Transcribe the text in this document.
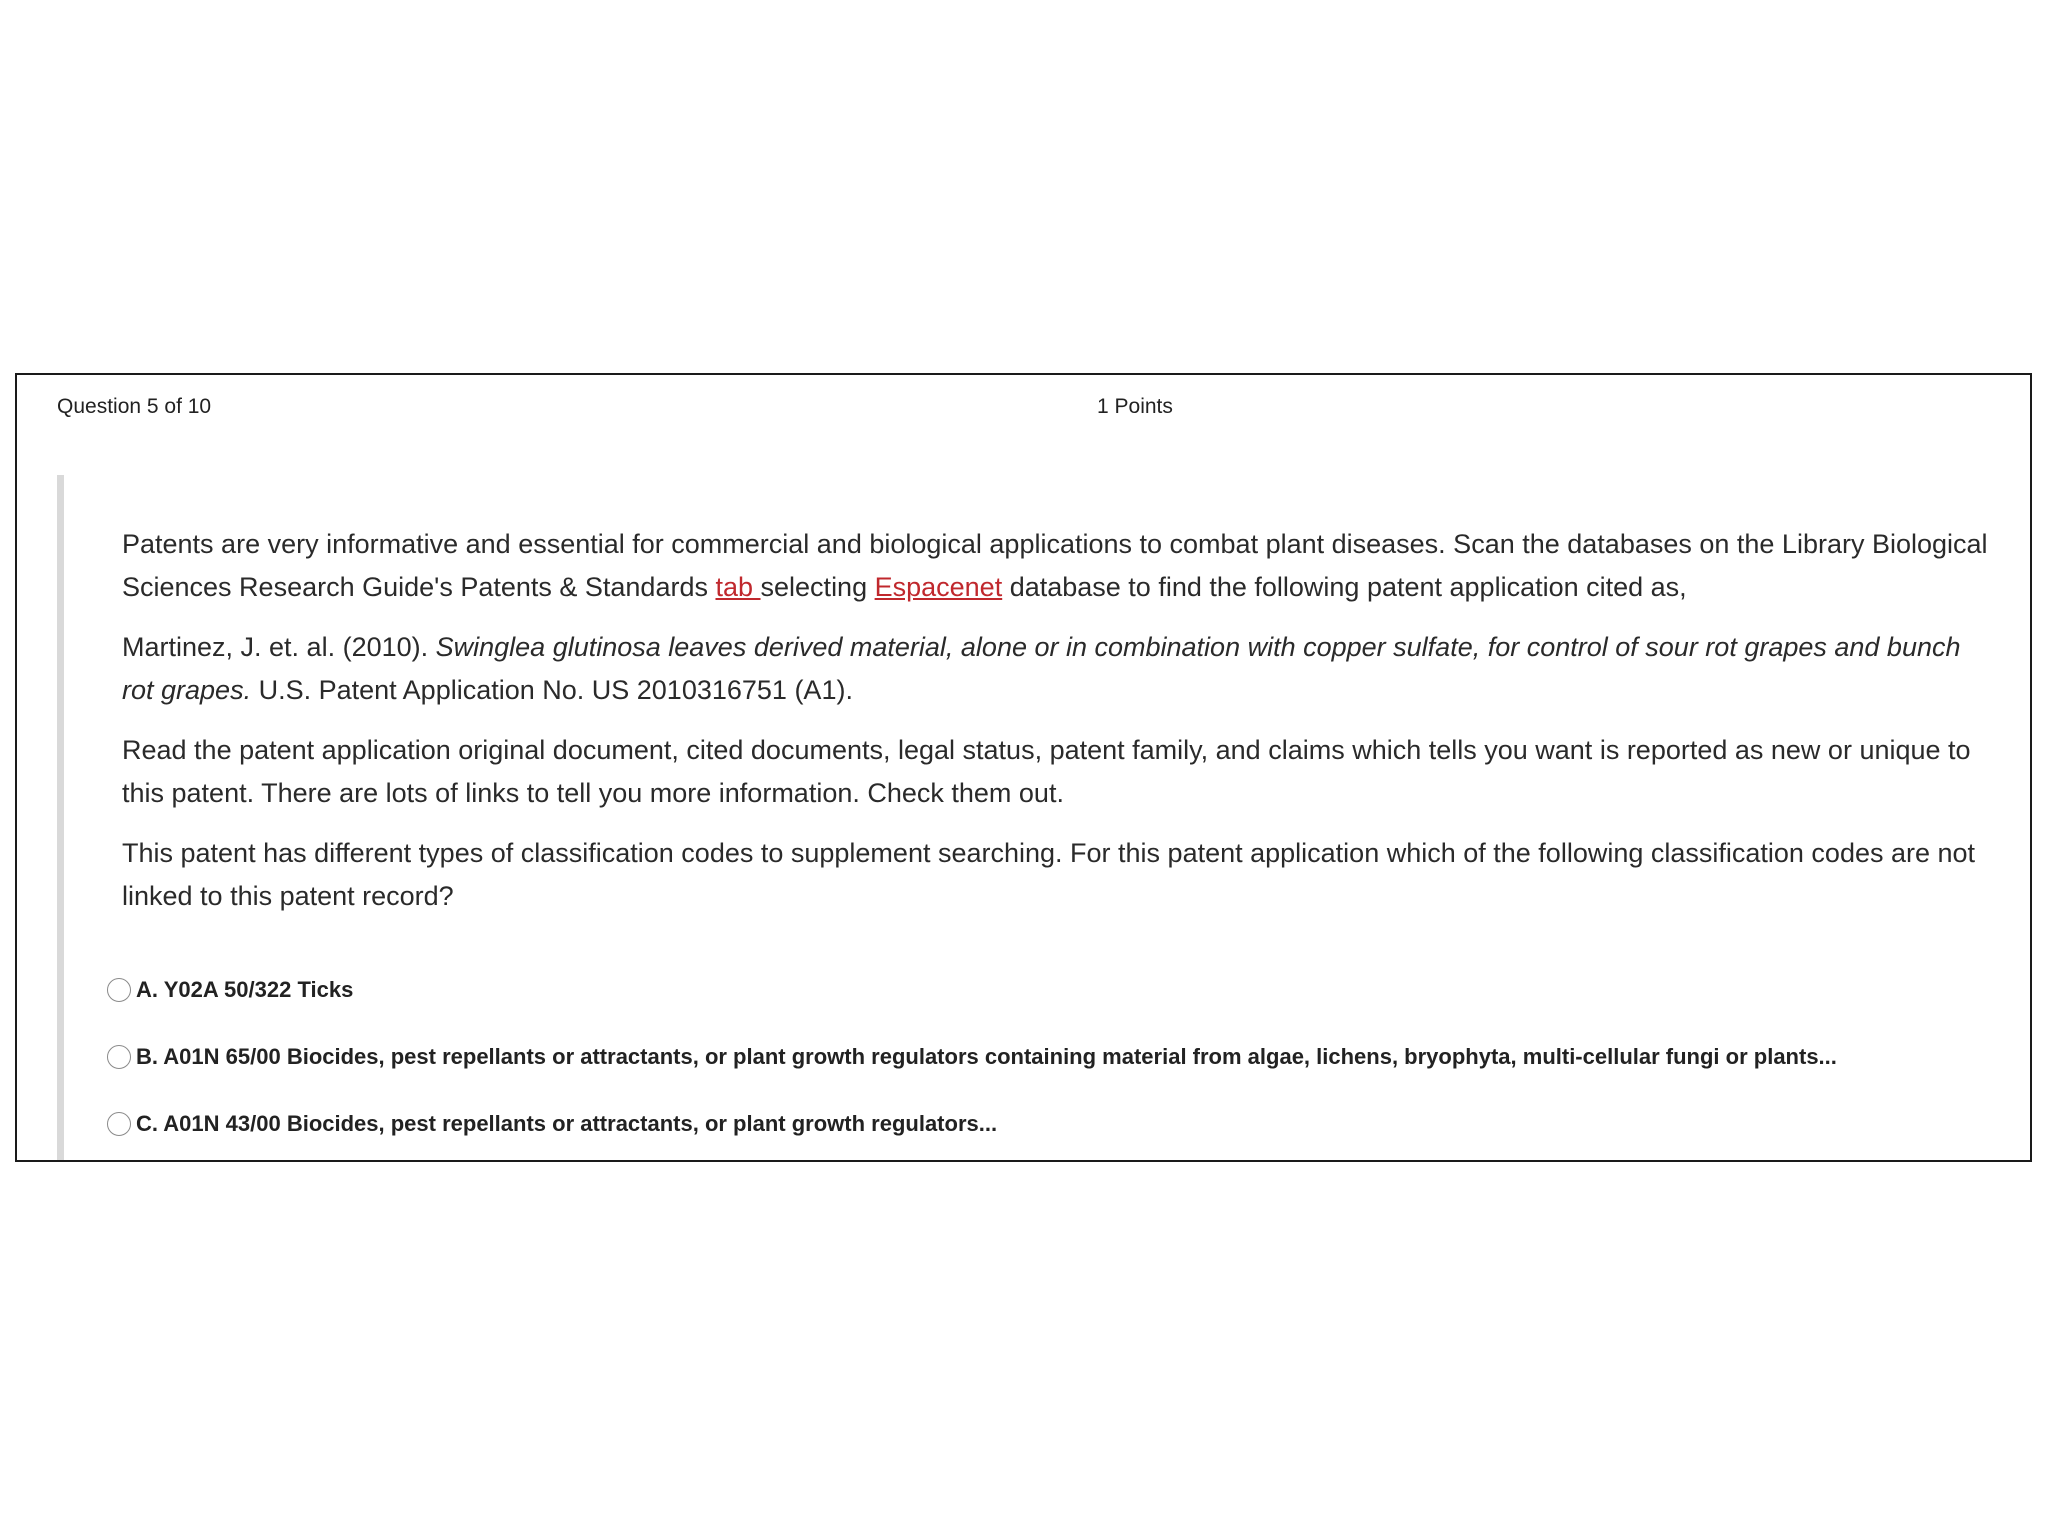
Question 5 of 10	1 Points

Patents are very informative and essential for commercial and biological applications to combat plant diseases. Scan the databases on the Library Biological Sciences Research Guide's Patents & Standards tab selecting Espacenet database to find the following patent application cited as,

Martinez, J. et. al. (2010). Swinglea glutinosa leaves derived material, alone or in combination with copper sulfate, for control of sour rot grapes and bunch rot grapes. U.S. Patent Application No. US 2010316751 (A1).

Read the patent application original document, cited documents, legal status, patent family, and claims which tells you want is reported as new or unique to this patent. There are lots of links to tell you more information. Check them out.

This patent has different types of classification codes to supplement searching. For this patent application which of the following classification codes are not linked to this patent record?

A. Y02A 50/322 Ticks
B. A01N 65/00 Biocides, pest repellants or attractants, or plant growth regulators containing material from algae, lichens, bryophyta, multi-cellular fungi or plants...
C. A01N 43/00 Biocides, pest repellants or attractants, or plant growth regulators...
